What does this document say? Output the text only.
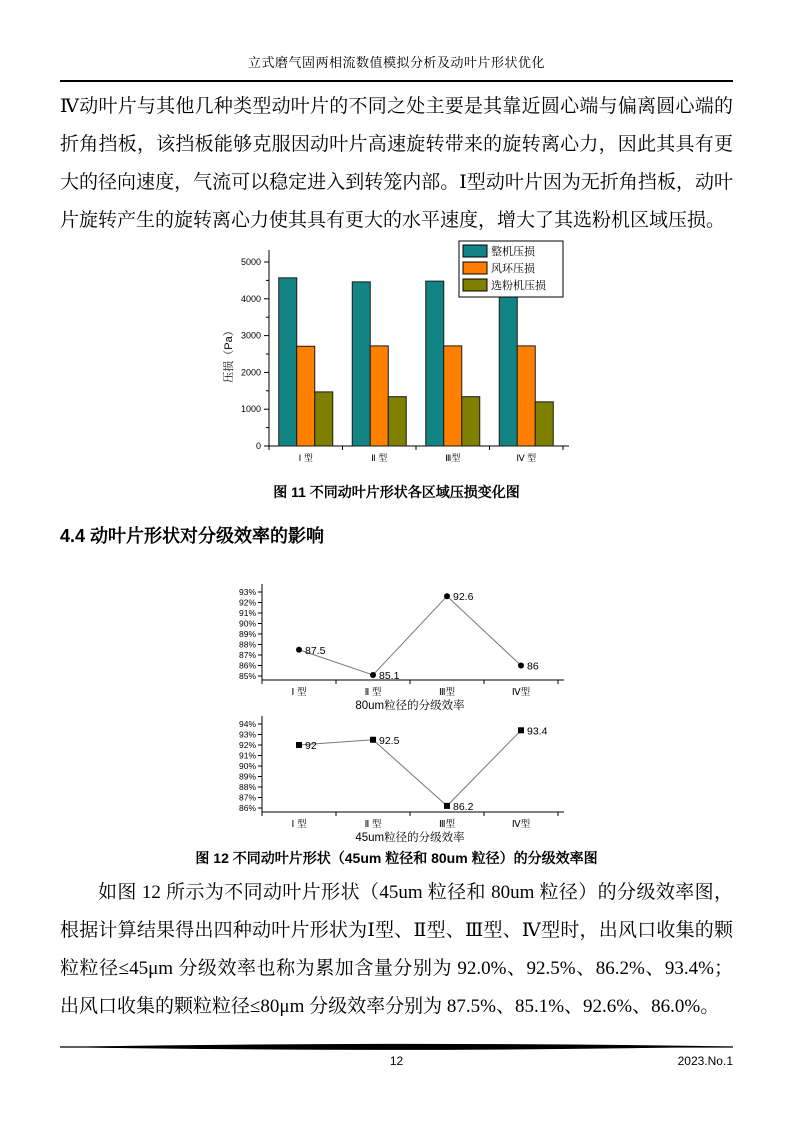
立式磨气固两相流数值模拟分析及动叶片形状优化

Ⅳ动叶片与其他几种类型动叶片的不同之处主要是其靠近圆心端与偏离圆心端的折角挡板，该挡板能够克服因动叶片高速旋转带来的旋转离心力，因此其具有更大的径向速度，气流可以稳定进入到转笼内部。Ⅰ型动叶片因为无折角挡板，动叶片旋转产生的旋转离心力使其具有更大的水平速度，增大了其选粉机区域压损。

0
1000
2000
3000
4000
5000
压损（Pa）
Ⅰ 型	Ⅱ 型	Ⅲ型	Ⅳ 型
整机压损
风环压损
选粉机压损
图 11 不同动叶片形状各区域压损变化图
4.4 动叶片形状对分级效率的影响
85%
86%
87%
88%
89%
90%
91%
92%
93%
Ⅰ 型	Ⅱ 型	Ⅲ型	Ⅳ型
87.5
85.1
92.6
86
80um粒径的分级效率
86%
87%
88%
89%
90%
91%
92%
93%
94%
Ⅰ 型	Ⅱ 型	Ⅲ型	Ⅳ型
92	92.5
86.2
93.4
45um粒径的分级效率
图 12 不同动叶片形状（45um 粒径和 80um 粒径）的分级效率图

如图 12 所示为不同动叶片形状（45um 粒径和 80um 粒径）的分级效率图，根据计算结果得出四种动叶片形状为Ⅰ型、Ⅱ型、Ⅲ型、Ⅳ型时，出风口收集的颗粒粒径≤45μm 分级效率也称为累加含量分别为 92.0%、92.5%、86.2%、93.4%；出风口收集的颗粒粒径≤80μm 分级效率分别为 87.5%、85.1%、92.6%、86.0%。

12	2023.No.1
